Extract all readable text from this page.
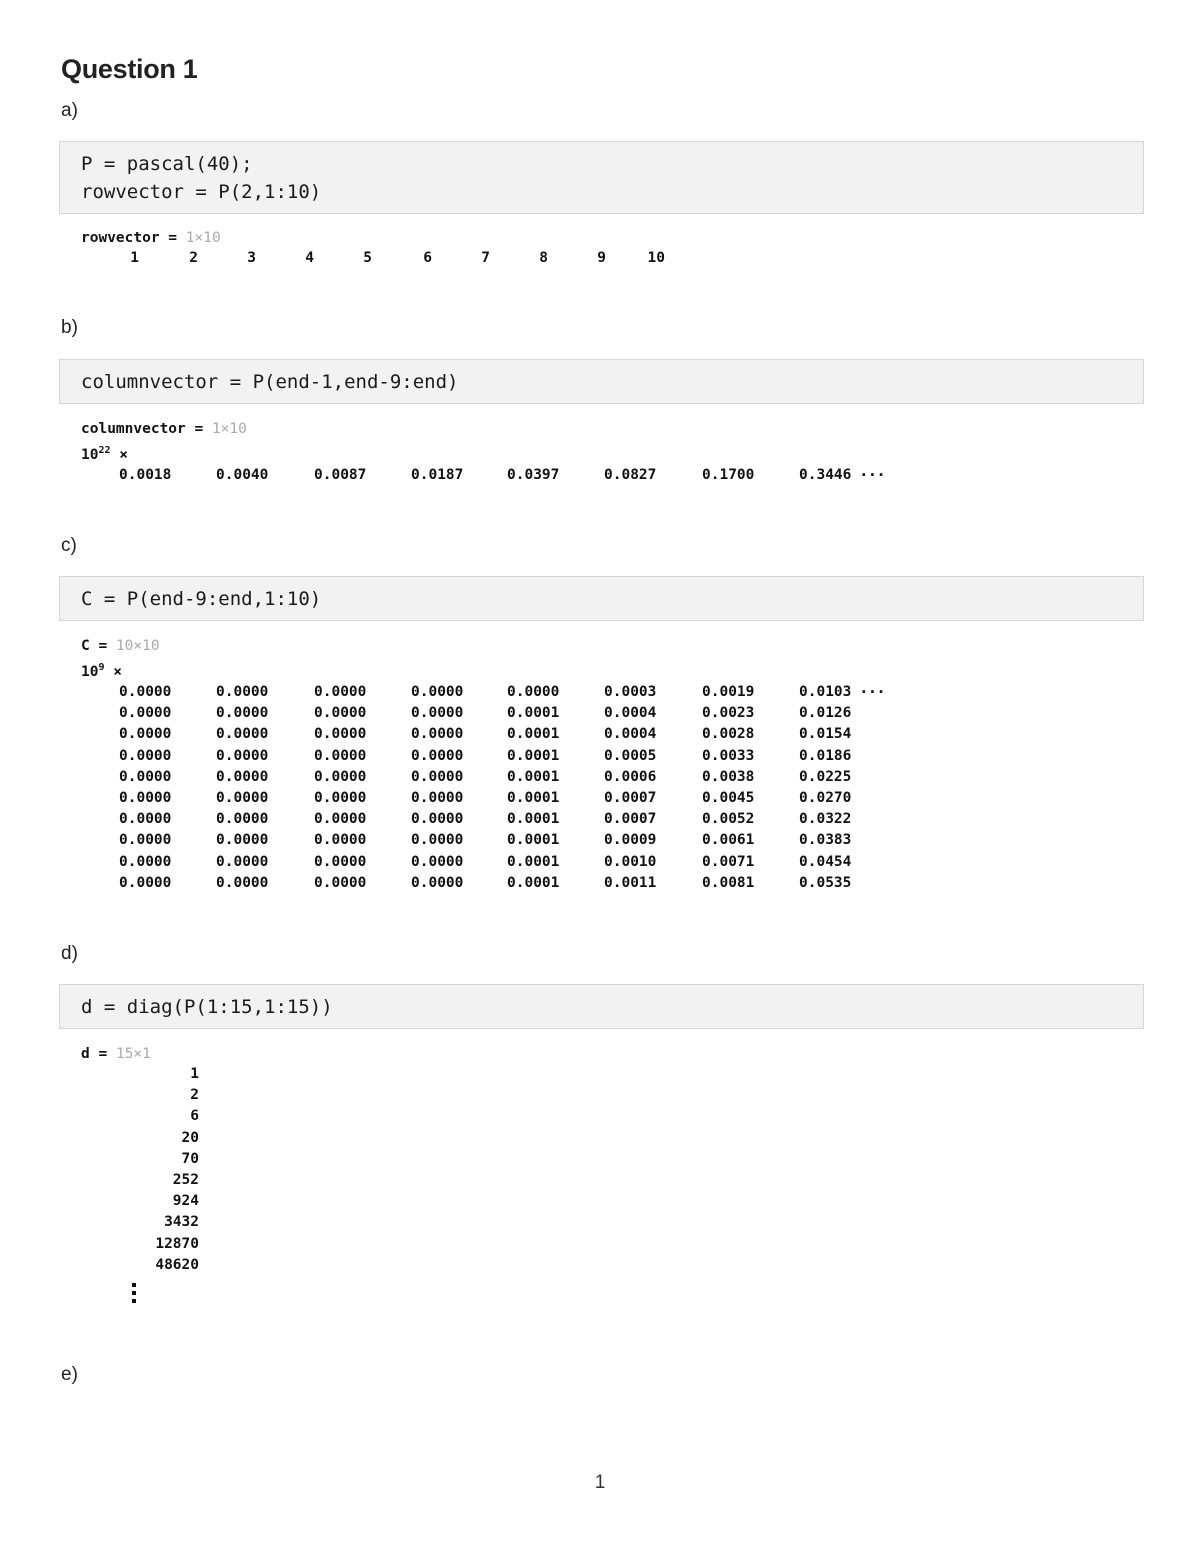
Question 1
a)
P = pascal(40);
rowvector = P(2,1:10)
rowvector = 1×10
1	2	3	4	5	6	7	8	9	10
b)
columnvector = P(end-1,end-9:end)
columnvector = 1×10
$10^{22}$ ×
0.0018	0.0040	0.0087	0.0187	0.0397	0.0827	0.1700	0.3446 ···
c)
C = P(end-9:end,1:10)
C = 10×10
$10^9$ ×
0.0000	0.0000	0.0000	0.0000	0.0000	0.0003	0.0019	0.0103
0.0000	0.0000	0.0000	0.0000	0.0001	0.0004	0.0023	0.0126
0.0000	0.0000	0.0000	0.0000	0.0001	0.0004	0.0028	0.0154
0.0000	0.0000	0.0000	0.0000	0.0001	0.0005	0.0033	0.0186
0.0000	0.0000	0.0000	0.0000	0.0001	0.0006	0.0038	0.0225
0.0000	0.0000	0.0000	0.0000	0.0001	0.0007	0.0045	0.0270
0.0000	0.0000	0.0000	0.0000	0.0001	0.0007	0.0052	0.0322
0.0000	0.0000	0.0000	0.0000	0.0001	0.0009	0.0061	0.0383
0.0000	0.0000	0.0000	0.0000	0.0001	0.0010	0.0071	0.0454
0.0000	0.0000	0.0000	0.0000	0.0001	0.0011	0.0081	0.0535
···
d)
d = diag(P(1:15,1:15))
d = 15×1
1
2
6
20
70
252
924
3432
12870
48620
e)
1
